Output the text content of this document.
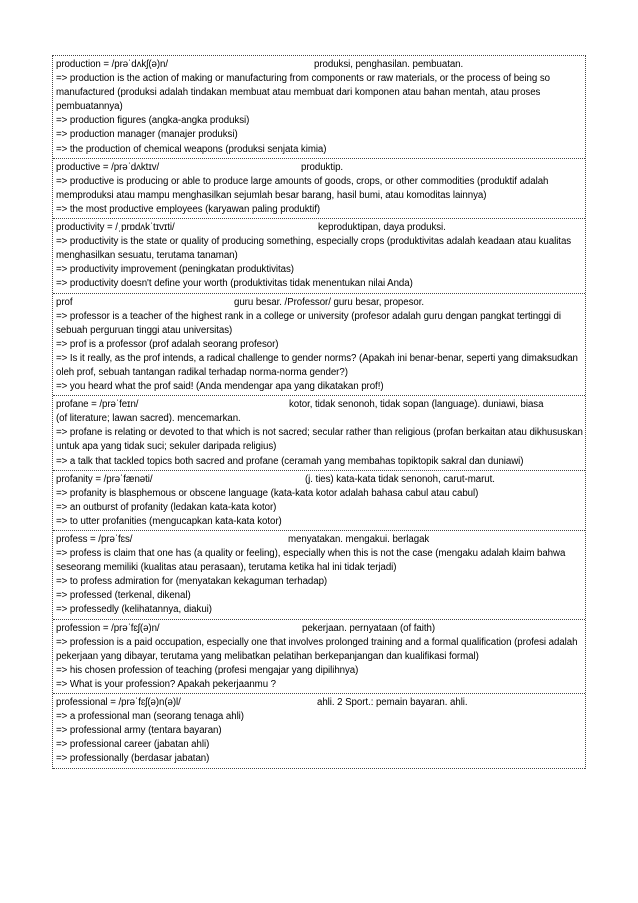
production = /prəˈdʌkʃ(ə)n/	produksi, penghasilan. pembuatan.
=> production is the action of making or manufacturing from components or raw materials, or the process of being so manufactured (produksi adalah tindakan membuat atau membuat dari komponen atau bahan mentah, atau proses pembuatannya)
=> production figures (angka-angka produksi)
=> production manager (manajer produksi)
=> the production of chemical weapons (produksi senjata kimia)
productive = /prəˈdʌktɪv/	produktip.
=> productive is producing or able to produce large amounts of goods, crops, or other commodities (produktif adalah memproduksi atau mampu menghasilkan sejumlah besar barang, hasil bumi, atau komoditas lainnya)
=> the most productive employees (karyawan paling produktif)
productivity = /ˌprɒdʌkˈtɪvɪti/	keproduktipan, daya produksi.
=> productivity is the state or quality of producing something, especially crops (produktivitas adalah keadaan atau kualitas menghasilkan sesuatu, terutama tanaman)
=> productivity improvement (peningkatan produktivitas)
=> productivity doesn't define your worth (produktivitas tidak menentukan nilai Anda)
prof	guru besar. /Professor/ guru besar, propesor.
=> professor is a teacher of the highest rank in a college or university (profesor adalah guru dengan pangkat tertinggi di sebuah perguruan tinggi atau universitas)
=> prof is a professor (prof adalah seorang profesor)
=> Is it really, as the prof intends, a radical challenge to gender norms? (Apakah ini benar-benar, seperti yang dimaksudkan oleh prof, sebuah tantangan radikal terhadap norma-norma gender?)
=> you heard what the prof said! (Anda mendengar apa yang dikatakan prof!)
profane = /prəˈfeɪn/	kotor, tidak senonoh, tidak sopan (language). duniawi, biasa
(of literature; lawan sacred). mencemarkan.
=> profane is relating or devoted to that which is not sacred; secular rather than religious (profan berkaitan atau dikhususkan untuk apa yang tidak suci; sekuler daripada religius)
=> a talk that tackled topics both sacred and profane (ceramah yang membahas topiktopik sakral dan duniawi)
profanity = /prəˈfænəti/	(j. ties) kata-kata tidak senonoh, carut-marut.
=> profanity is blasphemous or obscene language (kata-kata kotor adalah bahasa cabul atau cabul)
=> an outburst of profanity (ledakan kata-kata kotor)
=> to utter profanities (mengucapkan kata-kata kotor)
profess = /prəˈfɛs/	menyatakan. mengakui. berlagak
=> profess is claim that one has (a quality or feeling), especially when this is not the case (mengaku adalah klaim bahwa seseorang memiliki (kualitas atau perasaan), terutama ketika hal ini tidak terjadi)
=> to profess admiration for (menyatakan kekaguman terhadap)
=> professed (terkenal, dikenal)
=> professedly (kelihatannya, diakui)
profession = /prəˈfɛʃ(ə)n/	pekerjaan. pernyataan (of faith)
=> profession is a paid occupation, especially one that involves prolonged training and a formal qualification (profesi adalah pekerjaan yang dibayar, terutama yang melibatkan pelatihan berkepanjangan dan kualifikasi formal)
=> his chosen profession of teaching (profesi mengajar yang dipilihnya)
=> What is your profession? Apakah pekerjaanmu ?
professional = /prəˈfɛʃ(ə)n(ə)l/	ahli. 2 Sport.: pemain bayaran. ahli.
=> a professional man (seorang tenaga ahli)
=> professional army (tentara bayaran)
=> professional career (jabatan ahli)
=> professionally (berdasar jabatan)
